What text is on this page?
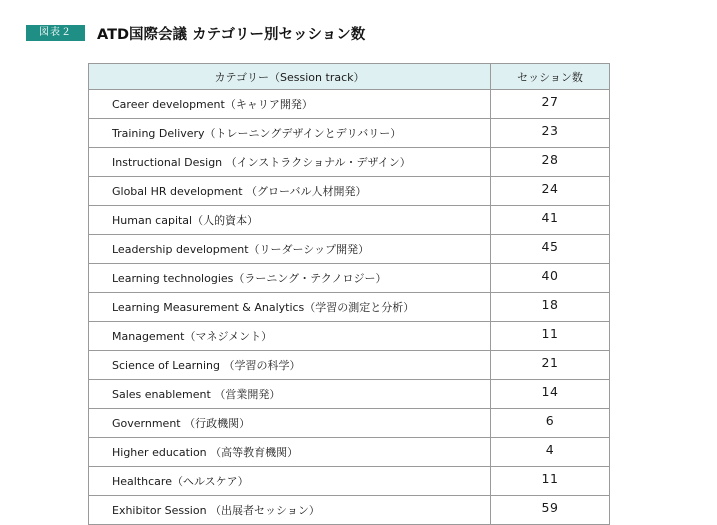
図表２	ATD国際会議 カテゴリー別セッション数
カテゴリー（Session track）	セッション数
Career development（キャリア開発）	27
Training Delivery（トレーニングデザインとデリバリー）	23
Instructional Design （インストラクショナル・デザイン）	28
Global HR development （グローバル人材開発）	24
Human capital（人的資本）	41
Leadership development（リーダーシップ開発）	45
Learning technologies（ラーニング・テクノロジー）	40
Learning Measurement & Analytics（学習の測定と分析）	18
Management（マネジメント）	11
Science of Learning （学習の科学）	21
Sales enablement （営業開発）	14
Government （行政機関）	6
Higher education （高等教育機関）	4
Healthcare（ヘルスケア）	11
Exhibitor Session （出展者セッション）	59
